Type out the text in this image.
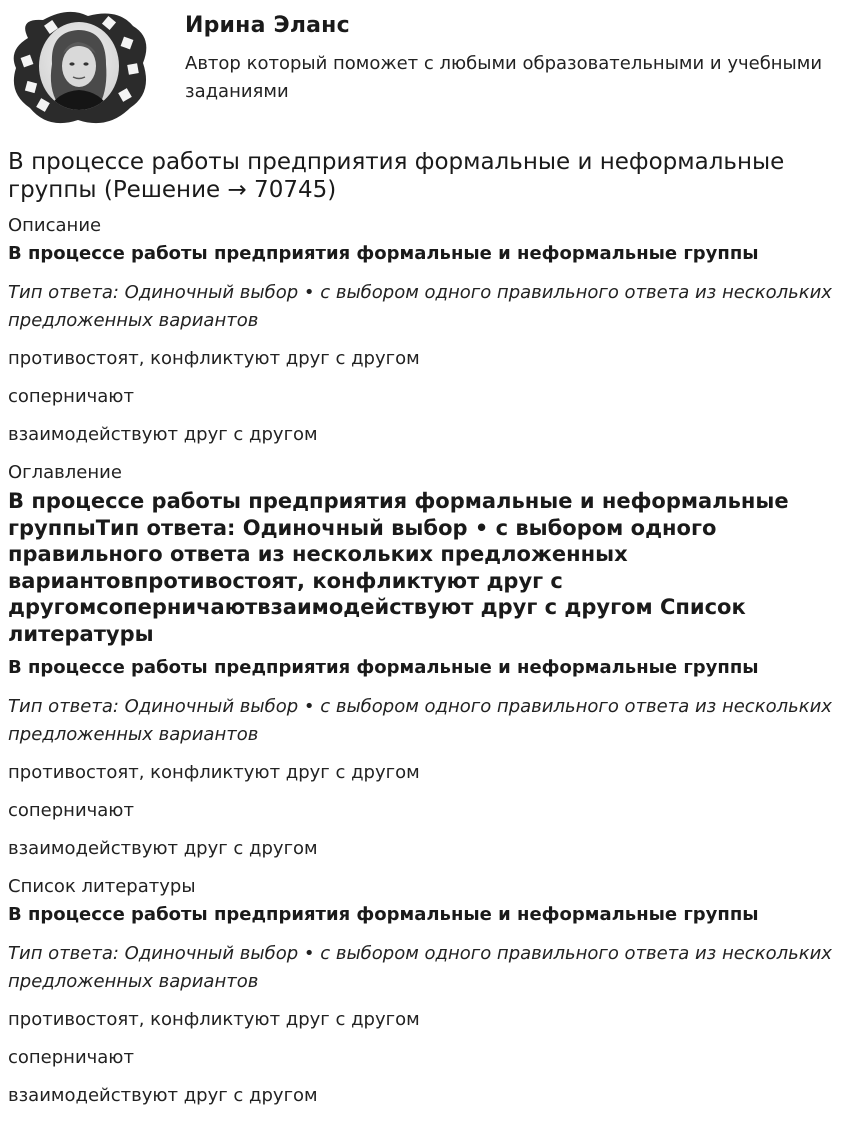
Ирина Эланс
Автор который поможет с любыми образовательными и учебными заданиями
В процессе работы предприятия формальные и неформальные группы (Решение → 70745)
Описание
В процессе работы предприятия формальные и неформальные группы
Тип ответа: Одиночный выбор • с выбором одного правильного ответа из нескольких предложенных вариантов
противостоят, конфликтуют друг с другом
соперничают
взаимодействуют друг с другом
Оглавление
В процессе работы предприятия формальные и неформальные группыТип ответа: Одиночный выбор • с выбором одного правильного ответа из нескольких предложенных вариантовпротивостоят, конфликтуют друг с другомсоперничаютвзаимодействуют друг с другом Список литературы
В процессе работы предприятия формальные и неформальные группы
Тип ответа: Одиночный выбор • с выбором одного правильного ответа из нескольких предложенных вариантов
противостоят, конфликтуют друг с другом
соперничают
взаимодействуют друг с другом
Список литературы
В процессе работы предприятия формальные и неформальные группы
Тип ответа: Одиночный выбор • с выбором одного правильного ответа из нескольких предложенных вариантов
противостоят, конфликтуют друг с другом
соперничают
взаимодействуют друг с другом
